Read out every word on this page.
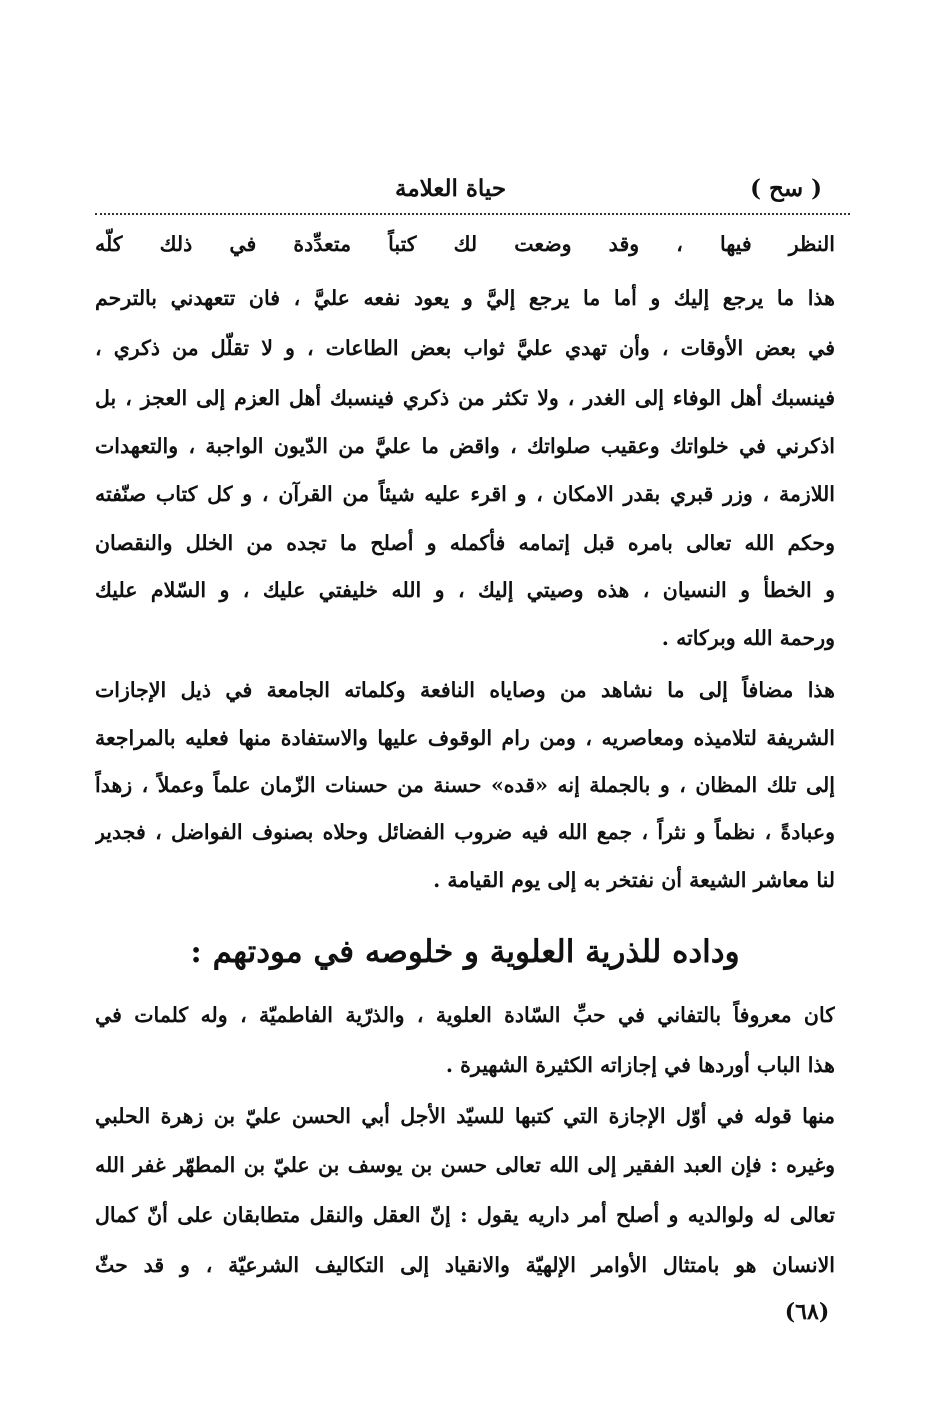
حياة العلامة	( سح )
النظر فيها ، وقد وضعت لك كتباً متعدِّدة في ذلك كلّه
هذا ما يرجع إليك و أما ما يرجع إليَّ و يعود نفعه عليَّ ، فان تتعهدني بالترحم
في بعض الأوقات ، وأن تهدي عليَّ ثواب بعض الطاعات ، و لا تقلّل من ذكري ،
فينسبك أهل الوفاء إلى الغدر ، ولا تكثر من ذكري فينسبك أهل العزم إلى العجز ، بل
اذكرني في خلواتك وعقيب صلواتك ، واقض ما عليَّ من الدّيون الواجبة ، والتعهدات
اللازمة ، وزر قبري بقدر الامكان ، و اقرء عليه شيئاً من القرآن ، و كل كتاب صنّفته
وحكم الله تعالى بامره قبل إتمامه فأكمله و أصلح ما تجده من الخلل والنقصان
و الخطأ و النسيان ، هذه وصيتي إليك ، و الله خليفتي عليك ، و السّلام عليك
ورحمة الله وبركاته .
هذا مضافاً إلى ما نشاهد من وصاياه النافعة وكلماته الجامعة في ذيل الإجازات
الشريفة لتلاميذه ومعاصريه ، ومن رام الوقوف عليها والاستفادة منها فعليه بالمراجعة
إلى تلك المظان ، و بالجملة إنه «قده» حسنة من حسنات الزّمان علماً وعملاً ، زهداً
وعبادةً ، نظماً و نثراً ، جمع الله فيه ضروب الفضائل وحلاه بصنوف الفواضل ، فجدير
لنا معاشر الشيعة أن نفتخر به إلى يوم القيامة .
وداده للذرية العلوية و خلوصه في مودتهم :
كان معروفاً بالتفاني في حبِّ السّادة العلوية ، والذرّية الفاطميّة ، وله كلمات في
هذا الباب أوردها في إجازاته الكثيرة الشهيرة .
منها قوله في أوّل الإجازة التي كتبها للسيّد الأجل أبي الحسن عليّ بن زهرة الحلبي
وغيره : فإن العبد الفقير إلى الله تعالى حسن بن يوسف بن عليّ بن المطهّر غفر الله
تعالى له ولوالديه و أصلح أمر داريه يقول : إنّ العقل والنقل متطابقان على أنّ كمال
الانسان هو بامتثال الأوامر الإلهيّة والانقياد إلى التكاليف الشرعيّة ، و قد حثّ
(٦٨)
